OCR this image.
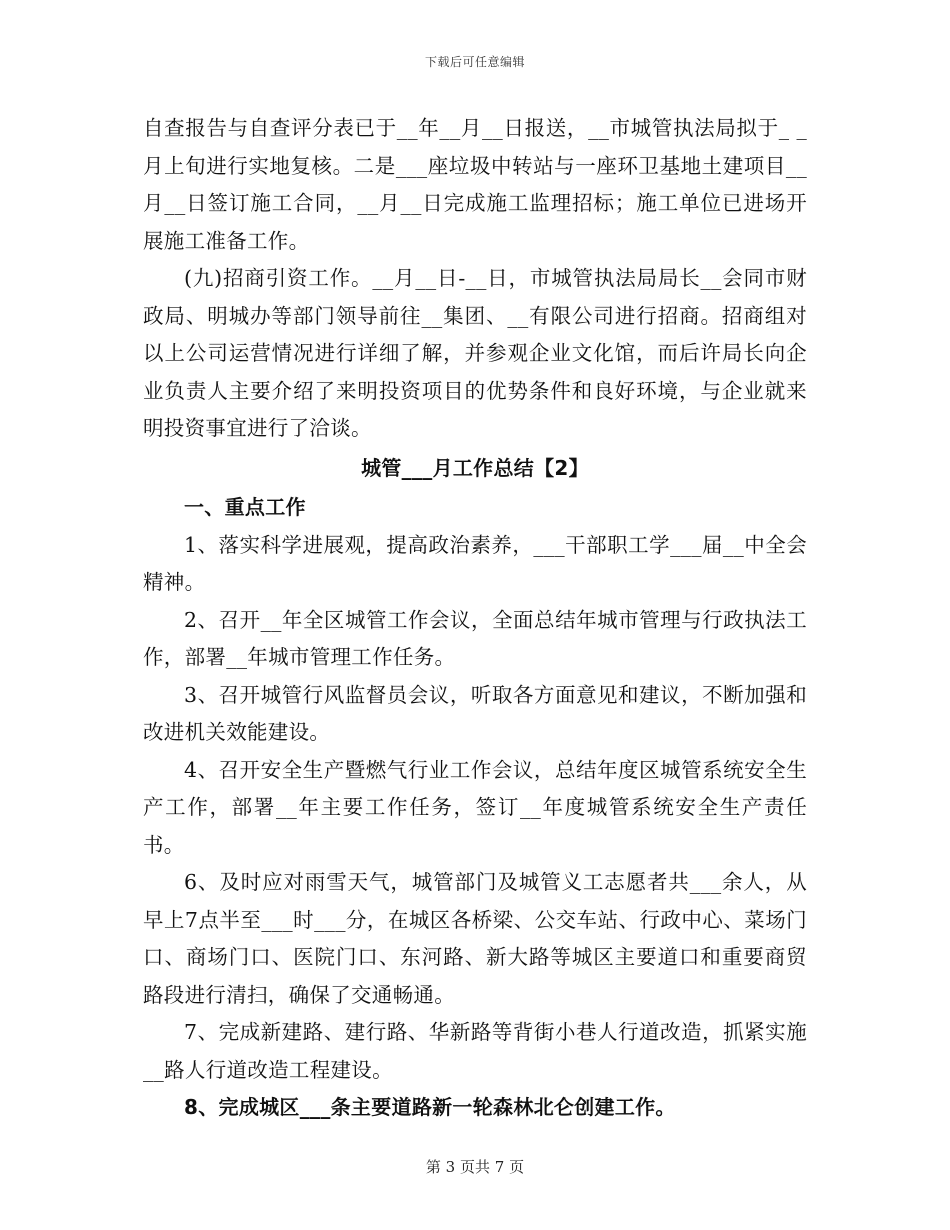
下载后可任意编辑

自查报告与自查评分表已于__年__月__日报送，__市城管执法局拟于_ _月上旬进行实地复核。二是___座垃圾中转站与一座环卫基地土建项目__月__日签订施工合同，__月__日完成施工监理招标；施工单位已进场开展施工准备工作。

(九)招商引资工作。__月__日-__日，市城管执法局局长__会同市财政局、明城办等部门领导前往__集团、__有限公司进行招商。招商组对以上公司运营情况进行详细了解，并参观企业文化馆，而后许局长向企业负责人主要介绍了来明投资项目的优势条件和良好环境，与企业就来明投资事宜进行了洽谈。

城管___月工作总结【2】

一、重点工作

1、落实科学进展观，提高政治素养，___干部职工学___届__中全会精神。

2、召开__年全区城管工作会议，全面总结年城市管理与行政执法工作，部署__年城市管理工作任务。

3、召开城管行风监督员会议，听取各方面意见和建议，不断加强和改进机关效能建设。

4、召开安全生产暨燃气行业工作会议，总结年度区城管系统安全生产工作，部署__年主要工作任务，签订__年度城管系统安全生产责任书。

6、及时应对雨雪天气，城管部门及城管义工志愿者共___余人，从早上7点半至___时___分，在城区各桥梁、公交车站、行政中心、菜场门口、商场门口、医院门口、东河路、新大路等城区主要道口和重要商贸路段进行清扫，确保了交通畅通。

7、完成新建路、建行路、华新路等背街小巷人行道改造，抓紧实施__路人行道改造工程建设。

8、完成城区___条主要道路新一轮森林北仑创建工作。

第 3 页共 7 页
